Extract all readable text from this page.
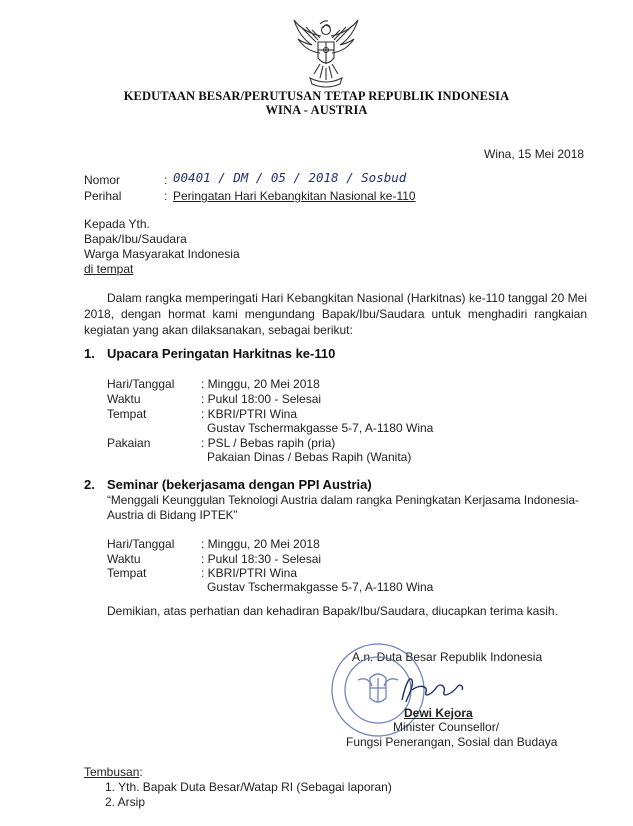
KEDUTAAN BESAR/PERUTUSAN TETAP REPUBLIK INDONESIA
WINA - AUSTRIA
Wina, 15 Mei 2018
Nomor	: 00401 / DM / 05 / 2018 / Sosbud
Perihal	: Peringatan Hari Kebangkitan Nasional ke-110
Kepada Yth.
Bapak/Ibu/Saudara
Warga Masyarakat Indonesia
di tempat
Dalam rangka memperingati Hari Kebangkitan Nasional (Harkitnas) ke-110 tanggal 20 Mei 2018, dengan hormat kami mengundang Bapak/Ibu/Saudara untuk menghadiri rangkaian kegiatan yang akan dilaksanakan, sebagai berikut:
1. Upacara Peringatan Harkitnas ke-110
Hari/Tanggal
Waktu
Tempat
Pakaian
: Minggu, 20 Mei 2018
: Pukul 18:00 - Selesai
: KBRI/PTRI Wina
Gustav Tschermakgasse 5-7, A-1180 Wina
: PSL / Bebas rapih (pria)
Pakaian Dinas / Bebas Rapih (Wanita)
2. Seminar (bekerjasama dengan PPI Austria)
“Menggali Keunggulan Teknologi Austria dalam rangka Peningkatan Kerjasama Indonesia-
Austria di Bidang IPTEK”
Hari/Tanggal
Waktu
Tempat
: Minggu, 20 Mei 2018
: Pukul 18:30 - Selesai
: KBRI/PTRI Wina
Gustav Tschermakgasse 5-7, A-1180 Wina
Demikian, atas perhatian dan kehadiran Bapak/Ibu/Saudara, diucapkan terima kasih.
A.n. Duta Besar Republik Indonesia
Dewi Kejora
Minister Counsellor/
Fungsi Penerangan, Sosial dan Budaya
Tembusan:
1. Yth. Bapak Duta Besar/Watap RI (Sebagai laporan)
2. Arsip
